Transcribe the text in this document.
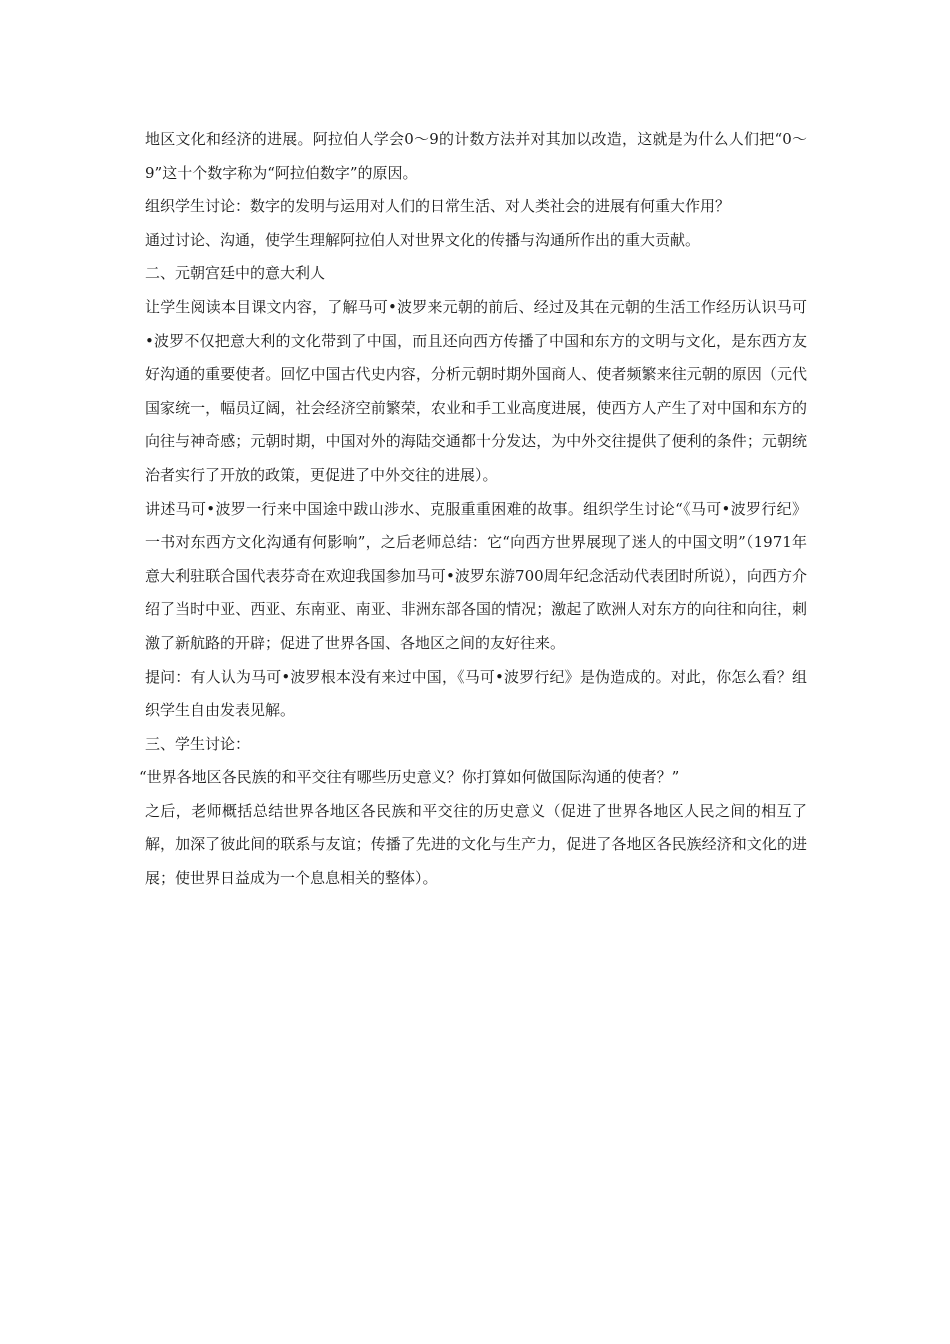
地区文化和经济的进展。阿拉伯人学会0～9的计数方法并对其加以改造，这就是为什么人们把“0～9”这十个数字称为“阿拉伯数字”的原因。

组织学生讨论：数字的发明与运用对人们的日常生活、对人类社会的进展有何重大作用？

通过讨论、沟通，使学生理解阿拉伯人对世界文化的传播与沟通所作出的重大贡献。

二、元朝宫廷中的意大利人

让学生阅读本目课文内容，了解马可•波罗来元朝的前后、经过及其在元朝的生活工作经历认识马可•波罗不仅把意大利的文化带到了中国，而且还向西方传播了中国和东方的文明与文化，是东西方友好沟通的重要使者。回忆中国古代史内容，分析元朝时期外国商人、使者频繁来往元朝的原因（元代国家统一，幅员辽阔，社会经济空前繁荣，农业和手工业高度进展，使西方人产生了对中国和东方的向往与神奇感；元朝时期，中国对外的海陆交通都十分发达，为中外交往提供了便利的条件；元朝统治者实行了开放的政策，更促进了中外交往的进展）。

讲述马可•波罗一行来中国途中跋山涉水、克服重重困难的故事。组织学生讨论“《马可•波罗行纪》一书对东西方文化沟通有何影响”，之后老师总结：它“向西方世界展现了迷人的中国文明”（1971年意大利驻联合国代表芬奇在欢迎我国参加马可•波罗东游700周年纪念活动代表团时所说），向西方介绍了当时中亚、西亚、东南亚、南亚、非洲东部各国的情况；激起了欧洲人对东方的向往和向往，刺激了新航路的开辟；促进了世界各国、各地区之间的友好往来。

提问：有人认为马可•波罗根本没有来过中国，《马可•波罗行纪》是伪造成的。对此，你怎么看？组织学生自由发表见解。

三、学生讨论：

“世界各地区各民族的和平交往有哪些历史意义？你打算如何做国际沟通的使者？”

之后，老师概括总结世界各地区各民族和平交往的历史意义（促进了世界各地区人民之间的相互了解，加深了彼此间的联系与友谊；传播了先进的文化与生产力，促进了各地区各民族经济和文化的进展；使世界日益成为一个息息相关的整体）。
